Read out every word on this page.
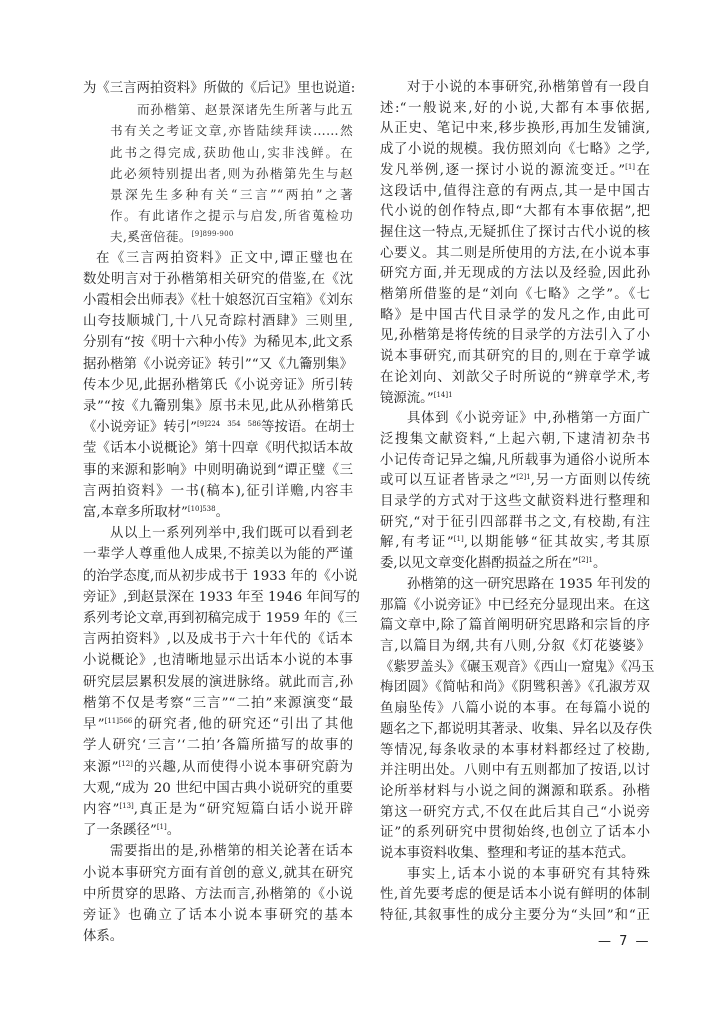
为《三言两拍资料》所做的《后记》里也说道:
而孙楷第、赵景深诸先生所著与此五
书有关之考证文章,亦皆陆续拜读……然
此书之得完成,获助他山,实非浅鲜。在
此必须特别提出者,则为孙楷第先生与赵
景深先生多种有关“三言”“两拍”之著
作。有此诸作之提示与启发,所省蒐检功
夫,奚啻倍蓰。$^{[9]899-900}$
在《三言两拍资料》正文中,谭正璧也在
数处明言对于孙楷第相关研究的借鉴,在《沈
小霞相会出师表》《杜十娘怒沉百宝箱》《刘东
山夸技顺城门,十八兄奇踪村酒肆》三则里,
分别有“按《明十六种小传》为稀见本,此文系
据孙楷第《小说旁证》转引”“又《九籥别集》
传本少见,此据孙楷第氏《小说旁证》所引转
录”“按《九籥别集》原书未见,此从孙楷第氏
《小说旁证》转引”$^{[9]224 354 586}$等按语。在胡士
莹《话本小说概论》第十四章《明代拟话本故
事的来源和影响》中则明确说到“谭正璧《三
言两拍资料》一书(稿本),征引详赡,内容丰
富,本章多所取材”$^{[10]538}$。
从以上一系列列举中,我们既可以看到老
一辈学人尊重他人成果,不掠美以为能的严谨
的治学态度,而从初步成书于 1933 年的《小说
旁证》,到赵景深在 1933 年至 1946 年间写的
系列考论文章,再到初稿完成于 1959 年的《三
言两拍资料》,以及成书于六十年代的《话本
小说概论》,也清晰地显示出话本小说的本事
研究层层累积发展的演进脉络。就此而言,孙
楷第不仅是考察“三言”“二拍”来源演变“最
早”$^{[11]566}$的研究者,他的研究还“引出了其他
学人研究‘三言’‘二拍’各篇所描写的故事的
来源”[12]的兴趣,从而使得小说本事研究蔚为
大观,“成为 20 世纪中国古典小说研究的重要
内容”[13],真正是为“研究短篇白话小说开辟
了一条蹊径”[1]。
需要指出的是,孙楷第的相关论著在话本
小说本事研究方面有首创的意义,就其在研究
中所贯穿的思路、方法而言,孙楷第的《小说
旁证》也确立了话本小说本事研究的基本
体系。
对于小说的本事研究,孙楷第曾有一段自
述:“一般说来,好的小说,大都有本事依据,
从正史、笔记中来,移步换形,再加生发铺演,
成了小说的规模。我仿照刘向《七略》之学,
发凡举例,逐一探讨小说的源流变迁。”[1]在
这段话中,值得注意的有两点,其一是中国古
代小说的创作特点,即“大都有本事依据”,把
握住这一特点,无疑抓住了探讨古代小说的核
心要义。其二则是所使用的方法,在小说本事
研究方面,并无现成的方法以及经验,因此孙
楷第所借鉴的是“刘向《七略》之学”。《七
略》是中国古代目录学的发凡之作,由此可
见,孙楷第是将传统的目录学的方法引入了小
说本事研究,而其研究的目的,则在于章学诚
在论刘向、刘歆父子时所说的“辨章学术,考
镜源流。”$^{[14]1}$
具体到《小说旁证》中,孙楷第一方面广
泛搜集文献资料,“上起六朝,下逮清初杂书
小记传奇记异之编,凡所载事为通俗小说所本
或可以互证者皆录之”$^{[2]1}$,另一方面则以传统
目录学的方式对于这些文献资料进行整理和
研究,“对于征引四部群书之文,有校勘,有注
解,有考证”[1],以期能够“征其故实,考其原
委,以见文章变化斟酌损益之所在”$^{[2]1}$。
孙楷第的这一研究思路在 1935 年刊发的
那篇《小说旁证》中已经充分显现出来。在这
篇文章中,除了篇首阐明研究思路和宗旨的序
言,以篇目为纲,共有八则,分叙《灯花婆婆》
《紫罗盖头》《碾玉观音》《西山一窟鬼》《冯玉
梅团圆》《简帖和尚》《阴骘积善》《孔淑芳双
鱼扇坠传》八篇小说的本事。在每篇小说的
题名之下,都说明其著录、收集、异名以及存佚
等情况,每条收录的本事材料都经过了校勘,
并注明出处。八则中有五则都加了按语,以讨
论所举材料与小说之间的渊源和联系。孙楷
第这一研究方式,不仅在此后其自己“小说旁
证”的系列研究中贯彻始终,也创立了话本小
说本事资料收集、整理和考证的基本范式。
事实上,话本小说的本事研究有其特殊
性,首先要考虑的便是话本小说有鲜明的体制
特征,其叙事性的成分主要分为“头回”和“正
— 7 —
